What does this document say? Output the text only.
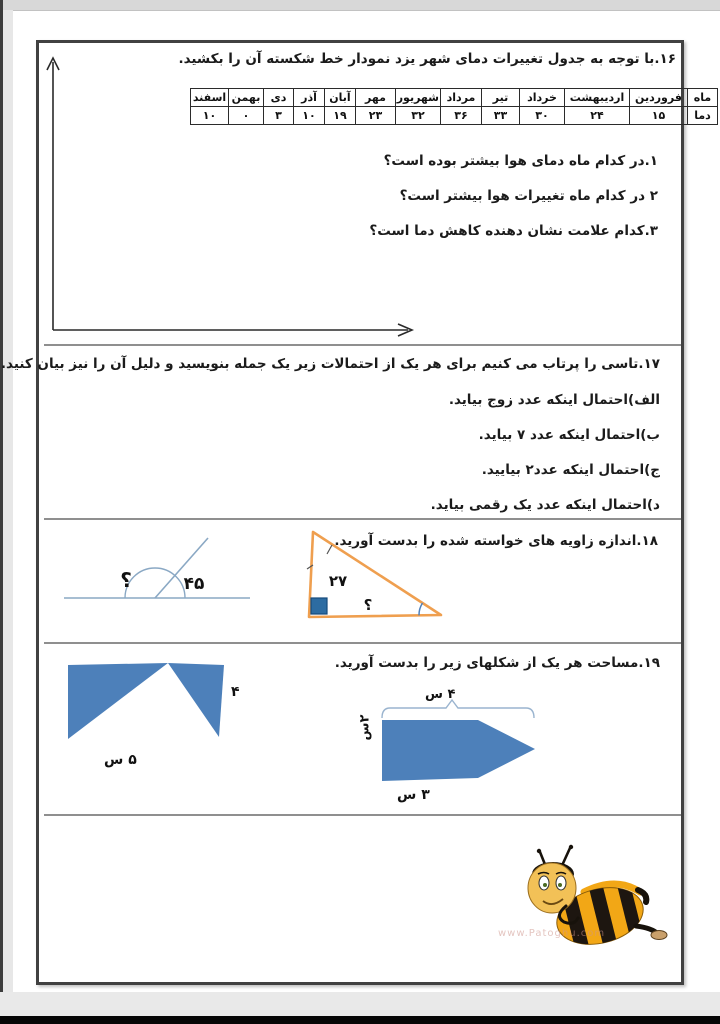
۱۶.با توجه به جدول تغییرات دمای شهر یزد نمودار خط شکسته آن را بکشید.
ماه	فروردین	اردیبهشت	خرداد	تیر	مرداد	شهریور	مهر	آبان	آذر	دی	بهمن	اسفند
دما	۱۵	۲۴	۳۰	۳۳	۳۶	۳۲	۲۳	۱۹	۱۰	۳	۰	۱۰
۱.در کدام ماه دمای هوا بیشتر بوده است؟
۲ در کدام ماه تغییرات هوا بیشتر است؟
۳.کدام علامت نشان دهنده کاهش دما است؟
۱۷.تاسی را پرتاب می کنیم برای هر یک از احتمالات زیر یک جمله بنویسید و دلیل آن را نیز بیان کنید.
الف)احتمال اینکه عدد زوج بیاید.
ب)احتمال اینکه عدد ۷ بیاید.
ج)احتمال اینکه عدد۲ بیایید.
د)احتمال اینکه عدد یک رقمی بیاید.
۱۸.اندازه زاویه های خواسته شده را بدست آورید.
؟	۴۵	۲۷
؟
۱۹.مساحت هر یک از شکلهای زیر را بدست آورید.
۴
۵ س
۴ س
۲س
۳ س
www.Patoghu.com
